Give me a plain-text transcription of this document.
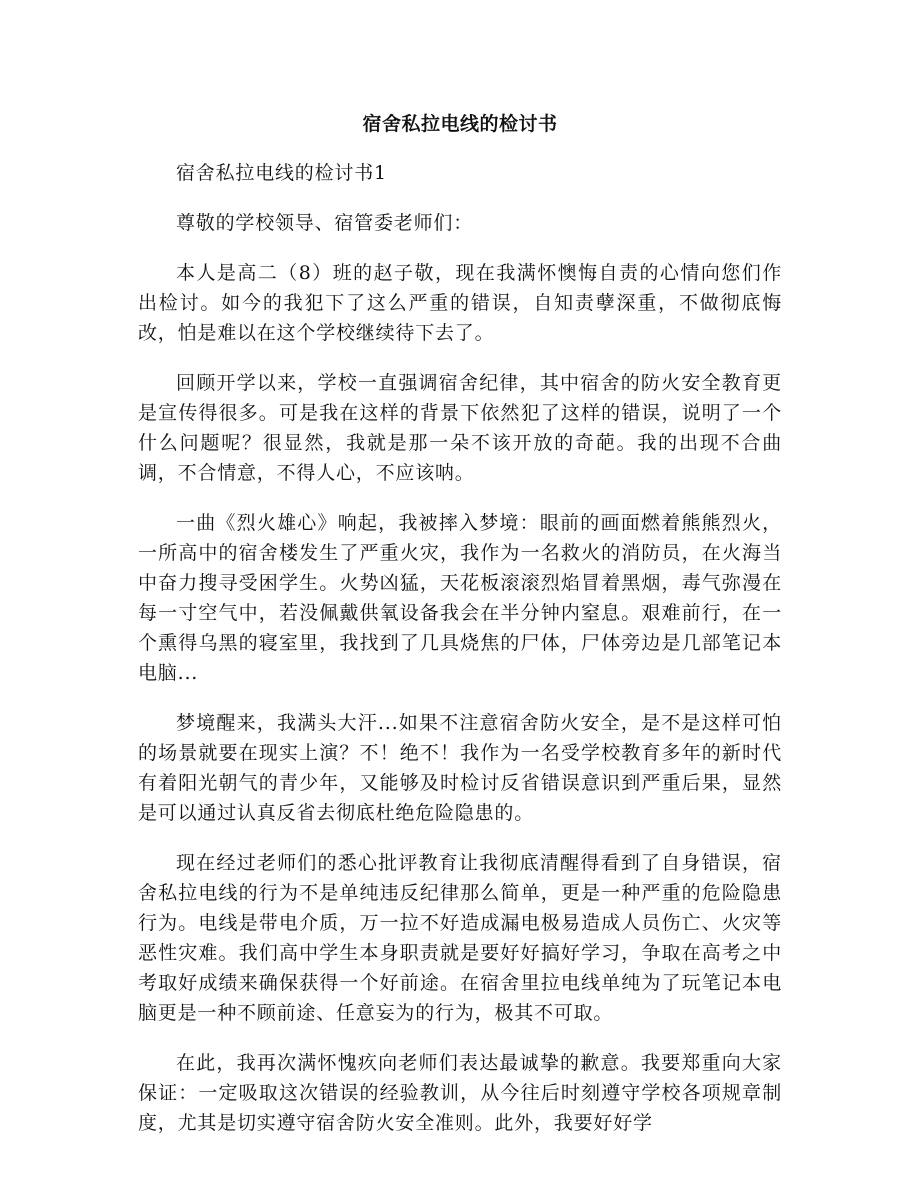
宿舍私拉电线的检讨书

宿舍私拉电线的检讨书1

尊敬的学校领导、宿管委老师们：

本人是高二（8）班的赵子敬，现在我满怀懊悔自责的心情向您们作出检讨。如今的我犯下了这么严重的错误，自知责孽深重，不做彻底悔改，怕是难以在这个学校继续待下去了。

回顾开学以来，学校一直强调宿舍纪律，其中宿舍的防火安全教育更是宣传得很多。可是我在这样的背景下依然犯了这样的错误，说明了一个什么问题呢？很显然，我就是那一朵不该开放的奇葩。我的出现不合曲调，不合情意，不得人心，不应该呐。

一曲《烈火雄心》响起，我被摔入梦境：眼前的画面燃着熊熊烈火，一所高中的宿舍楼发生了严重火灾，我作为一名救火的消防员，在火海当中奋力搜寻受困学生。火势凶猛，天花板滚滚烈焰冒着黑烟，毒气弥漫在每一寸空气中，若没佩戴供氧设备我会在半分钟内窒息。艰难前行，在一个熏得乌黑的寝室里，我找到了几具烧焦的尸体，尸体旁边是几部笔记本电脑...

梦境醒来，我满头大汗...如果不注意宿舍防火安全，是不是这样可怕的场景就要在现实上演？不！绝不！我作为一名受学校教育多年的新时代有着阳光朝气的青少年，又能够及时检讨反省错误意识到严重后果，显然是可以通过认真反省去彻底杜绝危险隐患的。

现在经过老师们的悉心批评教育让我彻底清醒得看到了自身错误，宿舍私拉电线的行为不是单纯违反纪律那么简单，更是一种严重的危险隐患行为。电线是带电介质，万一拉不好造成漏电极易造成人员伤亡、火灾等恶性灾难。我们高中学生本身职责就是要好好搞好学习，争取在高考之中考取好成绩来确保获得一个好前途。在宿舍里拉电线单纯为了玩笔记本电脑更是一种不顾前途、任意妄为的行为，极其不可取。

在此，我再次满怀愧疚向老师们表达最诚挚的歉意。我要郑重向大家保证：一定吸取这次错误的经验教训，从今往后时刻遵守学校各项规章制度，尤其是切实遵守宿舍防火安全准则。此外，我要好好学
